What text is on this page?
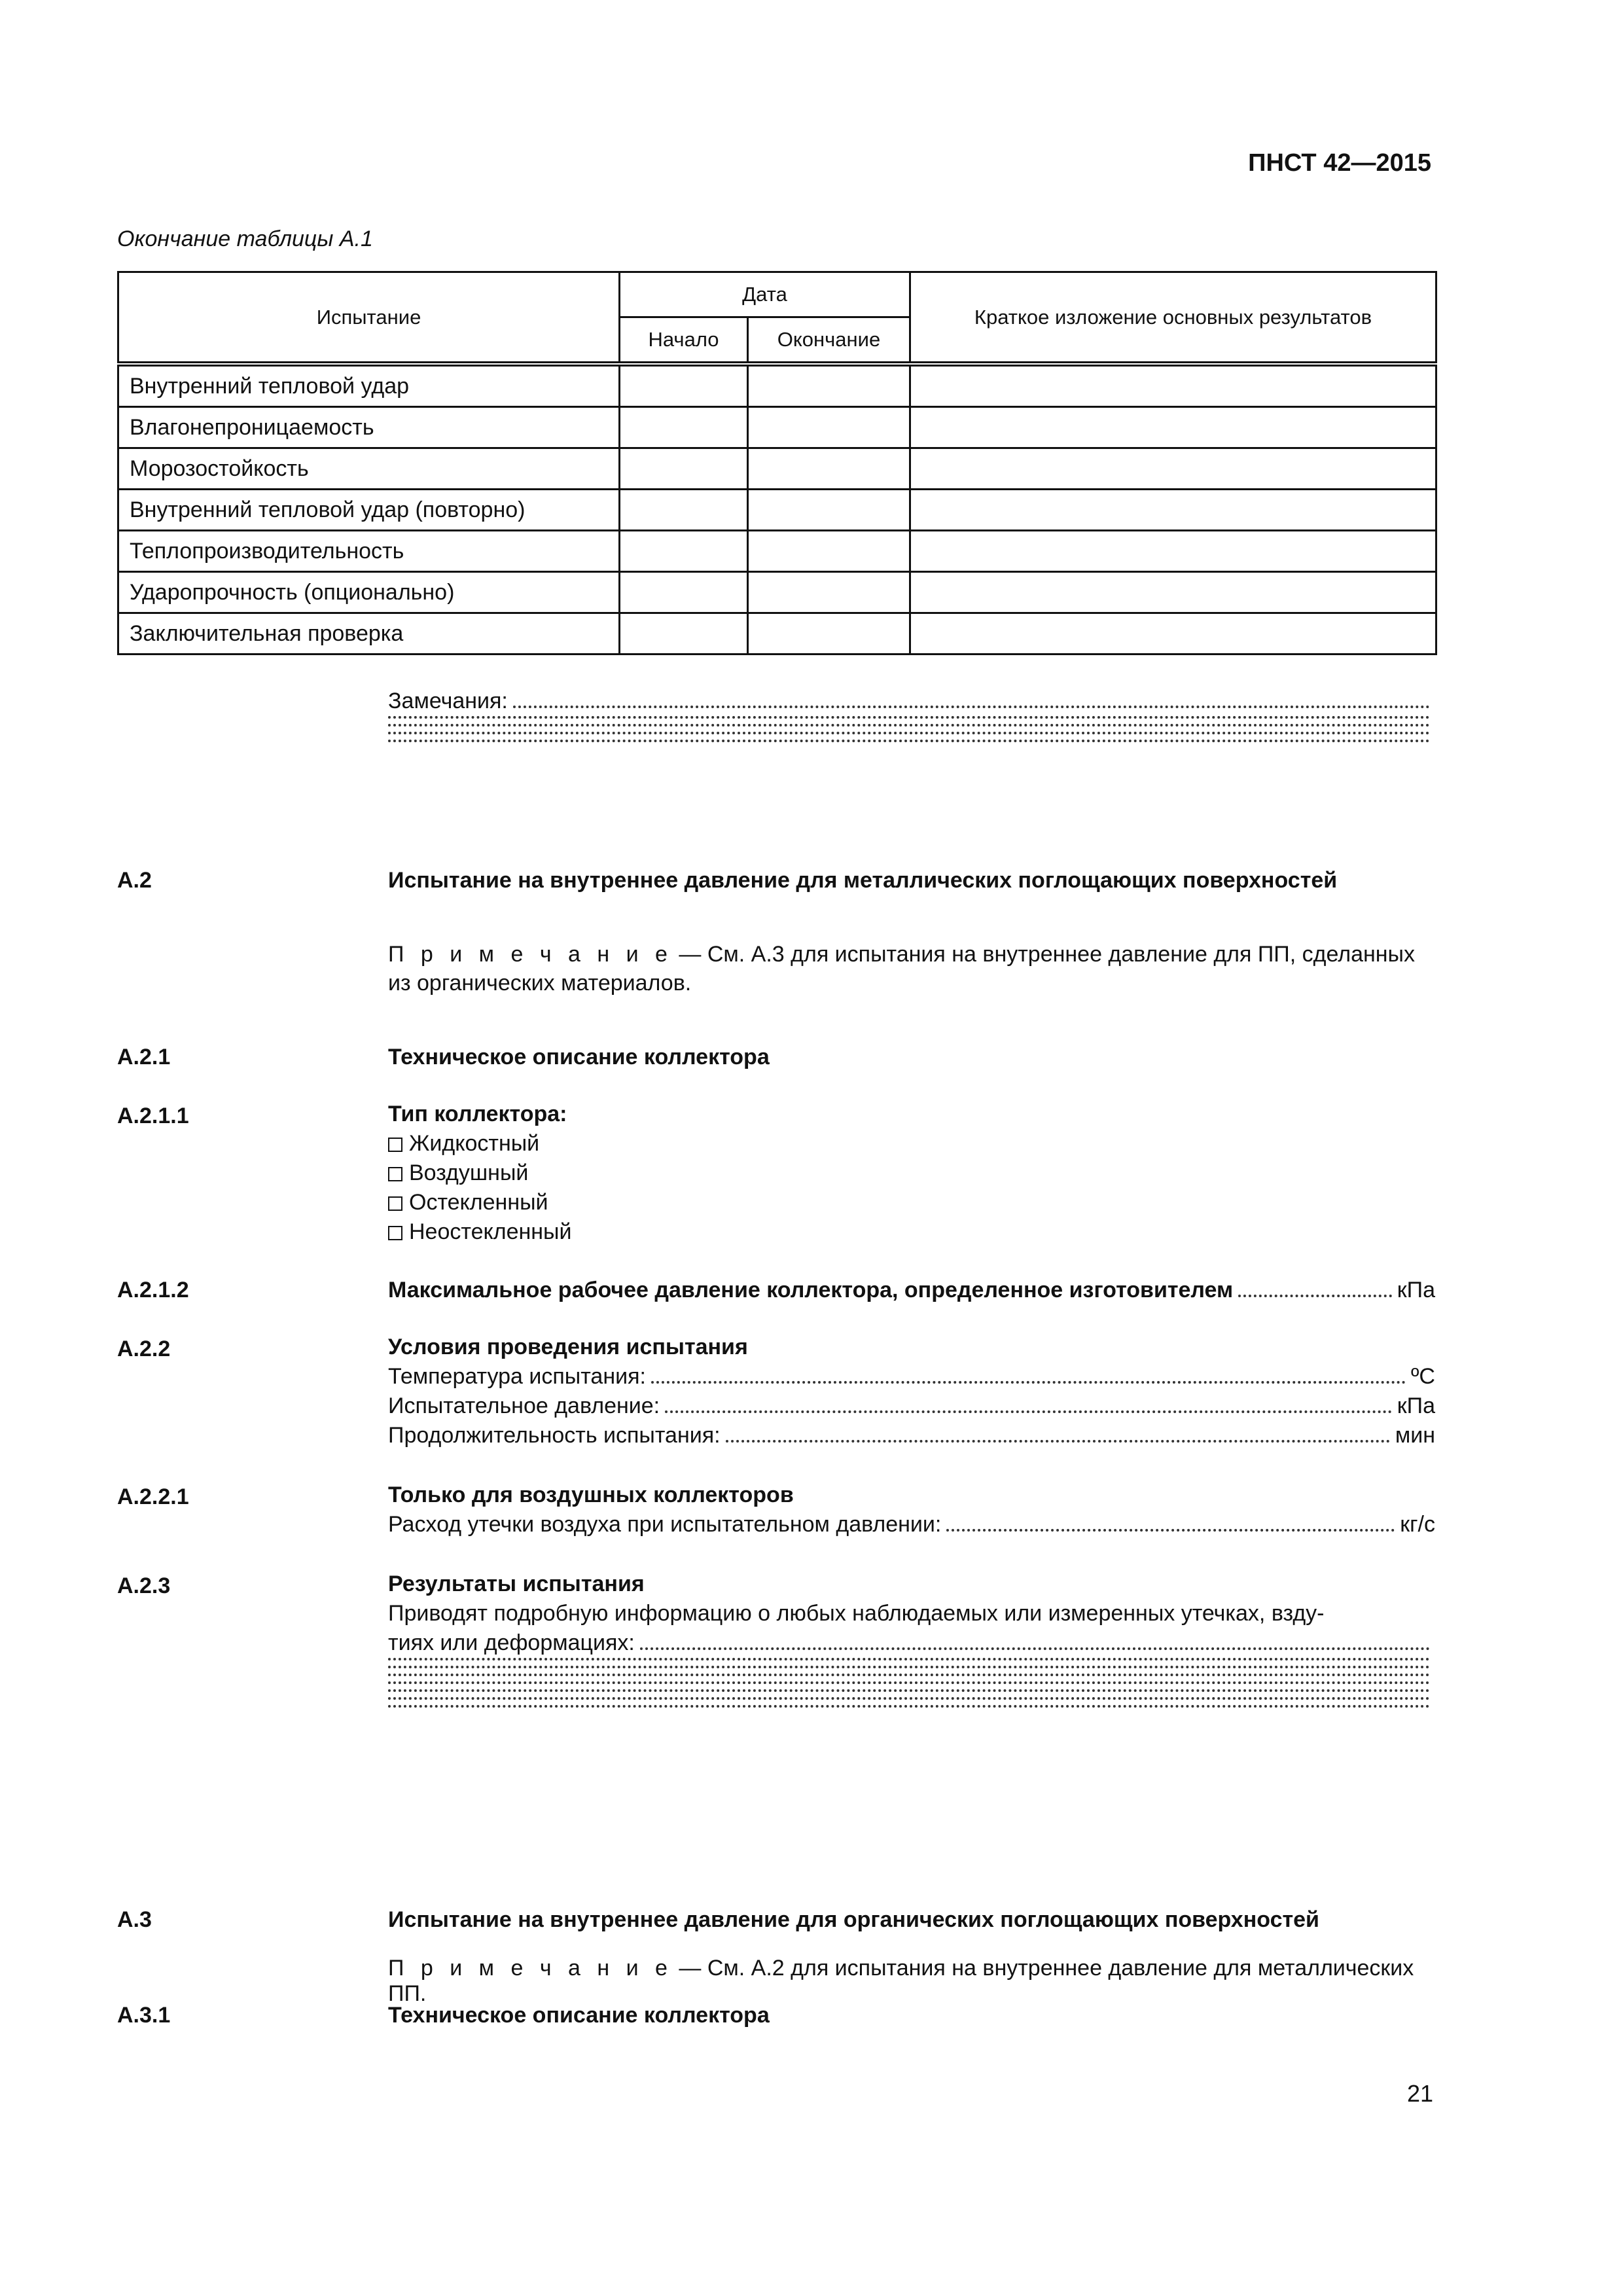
ПНСТ 42—2015
Окончание таблицы А.1
Испытание	Дата		Краткое изложение основных результатов
	Начало	Окончание	
Внутренний тепловой удар			
Влагонепроницаемость			
Морозостойкость			
Внутренний тепловой удар (повторно)			
Теплопроизводительность			
Ударопрочность (опционально)			
Заключительная проверка			
Замечания:
А.2	Испытание на внутреннее давление для металлических поглощающих поверхностей
П р и м е ч а н и е — См. А.3 для испытания на внутреннее давление для ПП, сделанных из органических материалов.
А.2.1	Техническое описание коллектора
А.2.1.1	Тип коллектора:
Жидкостный
Воздушный
Остекленный
Неостекленный
А.2.1.2	Максимальное рабочее давление коллектора, определенное изготовителем	кПа
А.2.2	Условия проведения испытания
Температура испытания:	ºС
Испытательное давление:	кПа
Продолжительность испытания:	мин
А.2.2.1	Только для воздушных коллекторов
Расход утечки воздуха при испытательном давлении:	кг/с
А.2.3	Результаты испытания
Приводят подробную информацию о любых наблюдаемых или измеренных утечках, взду-
тиях или деформациях:
А.3	Испытание на внутреннее давление для органических поглощающих поверхностей
П р и м е ч а н и е — См. А.2 для испытания на внутреннее давление для металлических ПП.
А.3.1	Техническое описание коллектора
21
